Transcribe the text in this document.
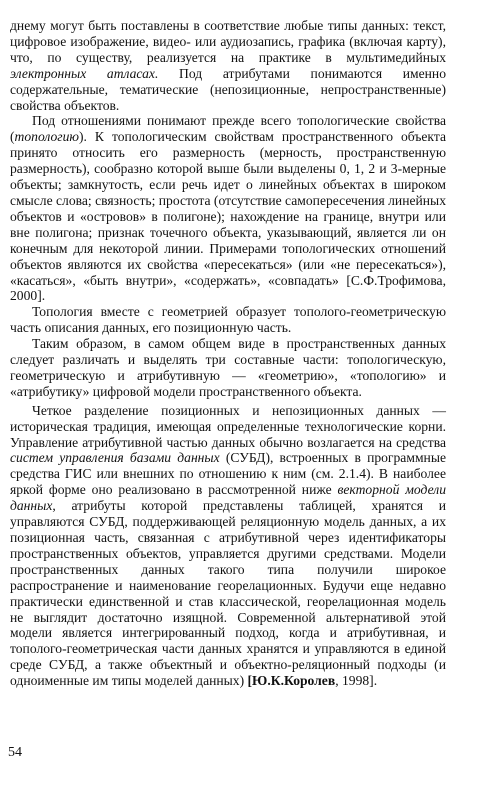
днему могут быть поставлены в соответствие любые типы данных: текст, цифровое изображение, видео- или аудиозапись, графика (включая карту), что, по существу, реализуется на практике в мультимедийных электронных атласах. Под атрибутами понимаются именно содержательные, тематические (непозиционные, непространственные) свойства объектов.

Под отношениями понимают прежде всего топологические свойства (топологию). К топологическим свойствам пространственного объекта принято относить его размерность (мерность, пространственную размерность), сообразно которой выше были выделены 0, 1, 2 и 3-мерные объекты; замкнутость, если речь идет о линейных объектах в широком смысле слова; связность; простота (отсутствие самопересечения линейных объектов и «островов» в полигоне); нахождение на границе, внутри или вне полигона; признак точечного объекта, указывающий, является ли он конечным для некоторой линии. Примерами топологических отношений объектов являются их свойства «пересекаться» (или «не пересекаться»), «касаться», «быть внутри», «содержать», «совпадать» [С.Ф.Трофимова, 2000].

Топология вместе с геометрией образует тополого-геометрическую часть описания данных, его позиционную часть.

Таким образом, в самом общем виде в пространственных данных следует различать и выделять три составные части: топологическую, геометрическую и атрибутивную — «геометрию», «топологию» и «атрибутику» цифровой модели пространственного объекта.

Четкое разделение позиционных и непозиционных данных — историческая традиция, имеющая определенные технологические корни. Управление атрибутивной частью данных обычно возлагается на средства систем управления базами данных (СУБД), встроенных в программные средства ГИС или внешних по отношению к ним (см. 2.1.4). В наиболее яркой форме оно реализовано в рассмотренной ниже векторной модели данных, атрибуты которой представлены таблицей, хранятся и управляются СУБД, поддерживающей реляционную модель данных, а их позиционная часть, связанная с атрибутивной через идентификаторы пространственных объектов, управляется другими средствами. Модели пространственных данных такого типа получили широкое распространение и наименование георелационных. Будучи еще недавно практически единственной и став классической, георелационная модель не выглядит достаточно изящной. Современной альтернативой этой модели является интегрированный подход, когда и атрибутивная, и тополого-геометрическая части данных хранятся и управляются в единой среде СУБД, а также объектный и объектно-реляционный подходы (и одноименные им типы моделей данных) [Ю.К.Королев, 1998].

54
